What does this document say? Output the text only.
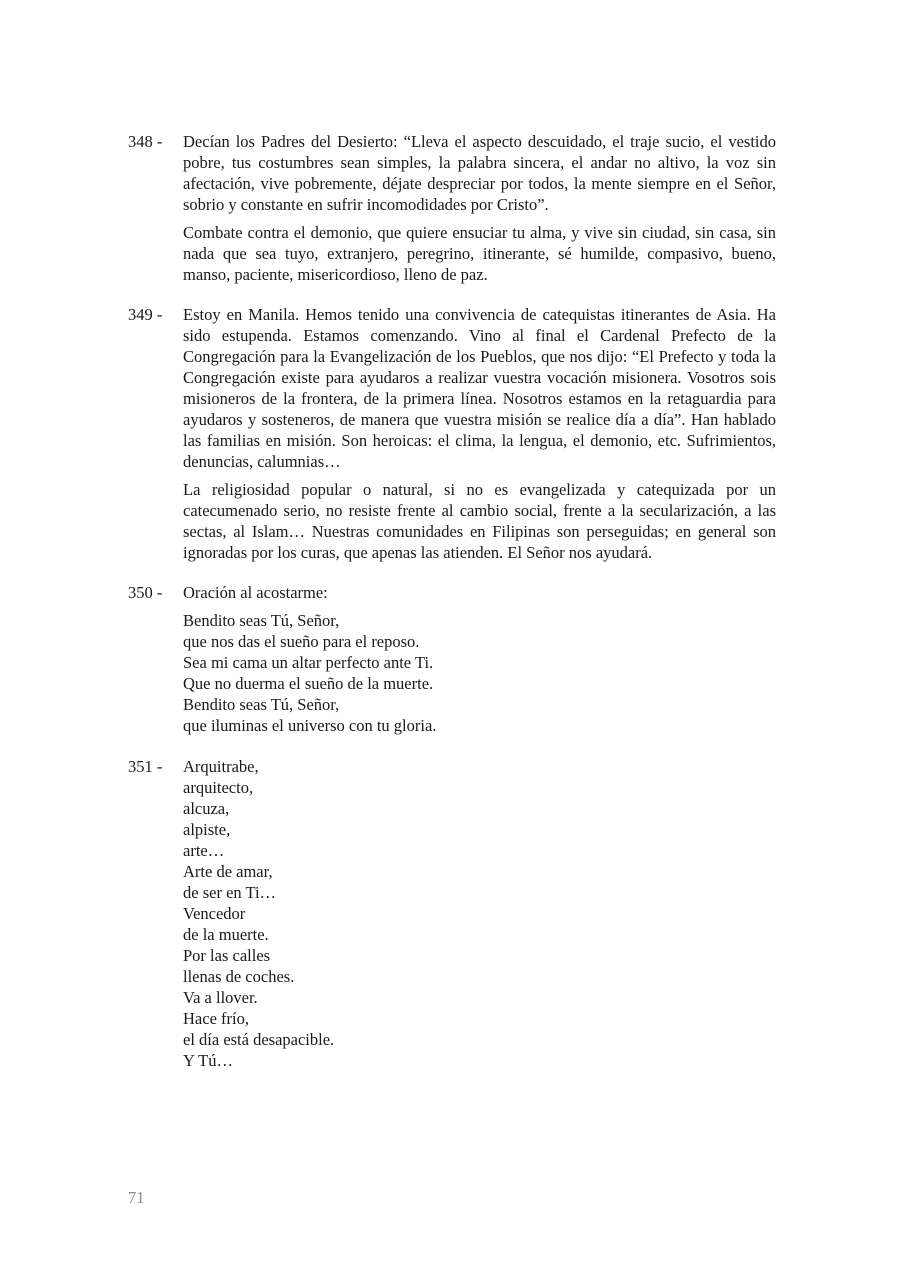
348 -	Decían los Padres del Desierto: “Lleva el aspecto descuidado, el traje sucio, el vestido pobre, tus costumbres sean simples, la palabra sincera, el andar no altivo, la voz sin afectación, vive pobremente, déjate despreciar por todos, la mente siempre en el Señor, sobrio y constante en sufrir incomodidades por Cristo”.

Combate contra el demonio, que quiere ensuciar tu alma, y vive sin ciudad, sin casa, sin nada que sea tuyo, extranjero, peregrino, itinerante, sé humilde, compasivo, bueno, manso, paciente, misericordioso, lleno de paz.

349 -	Estoy en Manila. Hemos tenido una convivencia de catequistas itinerantes de Asia. Ha sido estupenda. Estamos comenzando. Vino al final el Cardenal Prefecto de la Congregación para la Evangelización de los Pueblos, que nos dijo: “El Prefecto y toda la Congregación existe para ayudaros a realizar vuestra vocación misionera. Vosotros sois misioneros de la frontera, de la primera línea. Nosotros estamos en la retaguardia para ayudaros y sosteneros, de manera que vuestra misión se realice día a día”. Han hablado las familias en misión. Son heroicas: el clima, la lengua, el demonio, etc. Sufrimientos, denuncias, calumnias…

La religiosidad popular o natural, si no es evangelizada y catequizada por un catecumenado serio, no resiste frente al cambio social, frente a la secularización, a las sectas, al Islam… Nuestras comunidades en Filipinas son perseguidas; en general son ignoradas por los curas, que apenas las atienden. El Señor nos ayudará.

350 -	Oración al acostarme:

Bendito seas Tú, Señor,
que nos das el sueño para el reposo.
Sea mi cama un altar perfecto ante Ti.
Que no duerma el sueño de la muerte.
Bendito seas Tú, Señor,
que iluminas el universo con tu gloria.
351 -	Arquitrabe,
arquitecto,
alcuza,
alpiste,
arte…
Arte de amar,
de ser en Ti…
Vencedor
de la muerte.
Por las calles
llenas de coches.
Va a llover.
Hace frío,
el día está desapacible.
Y Tú…
71
